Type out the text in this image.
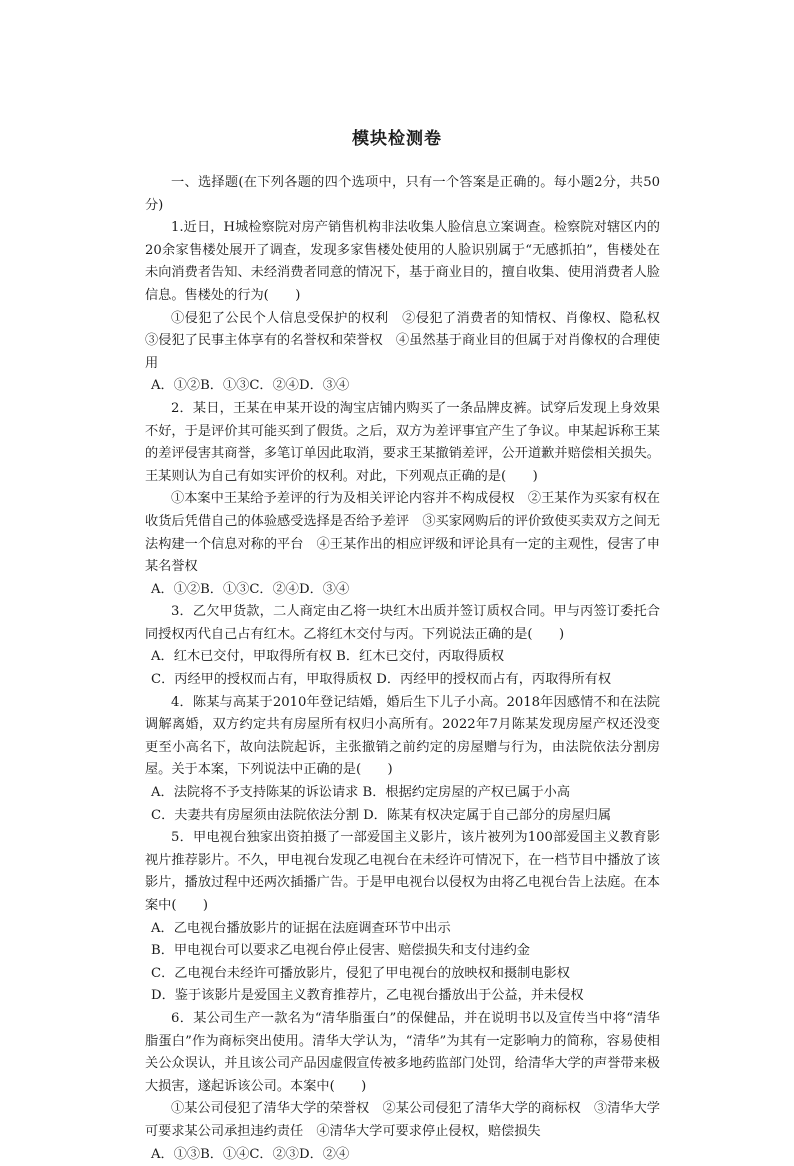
模块检测卷

一、选择题(在下列各题的四个选项中，只有一个答案是正确的。每小题2分，共50分)

1.近日，H城检察院对房产销售机构非法收集人脸信息立案调查。检察院对辖区内的20余家售楼处展开了调查，发现多家售楼处使用的人脸识别属于“无感抓拍”，售楼处在未向消费者告知、未经消费者同意的情况下，基于商业目的，擅自收集、使用消费者人脸信息。售楼处的行为(　　)

①侵犯了公民个人信息受保护的权利　②侵犯了消费者的知情权、肖像权、隐私权　③侵犯了民事主体享有的名誉权和荣誉权　④虽然基于商业目的但属于对肖像权的合理使用

A．①②B．①③C．②④D．③④

2．某日，王某在申某开设的淘宝店铺内购买了一条品牌皮裤。试穿后发现上身效果不好，于是评价其可能买到了假货。之后，双方为差评事宜产生了争议。申某起诉称王某的差评侵害其商誉，多笔订单因此取消，要求王某撤销差评，公开道歉并赔偿相关损失。王某则认为自己有如实评价的权利。对此，下列观点正确的是(　　)

①本案中王某给予差评的行为及相关评论内容并不构成侵权　②王某作为买家有权在收货后凭借自己的体验感受选择是否给予差评　③买家网购后的评价致使买卖双方之间无法构建一个信息对称的平台　④王某作出的相应评级和评论具有一定的主观性，侵害了申某名誉权

A．①②B．①③C．②④D．③④

3．乙欠甲货款，二人商定由乙将一块红木出质并签订质权合同。甲与丙签订委托合同授权丙代自己占有红木。乙将红木交付与丙。下列说法正确的是(　　)

A．红木已交付，甲取得所有权 B．红木已交付，丙取得质权

C．丙经甲的授权而占有，甲取得质权 D．丙经甲的授权而占有，丙取得所有权

4．陈某与高某于2010年登记结婚，婚后生下儿子小高。2018年因感情不和在法院调解离婚，双方约定共有房屋所有权归小高所有。2022年7月陈某发现房屋产权还没变更至小高名下，故向法院起诉，主张撤销之前约定的房屋赠与行为，由法院依法分割房屋。关于本案，下列说法中正确的是(　　)

A．法院将不予支持陈某的诉讼请求 B．根据约定房屋的产权已属于小高

C．夫妻共有房屋须由法院依法分割 D．陈某有权决定属于自己部分的房屋归属

5．甲电视台独家出资拍摄了一部爱国主义影片，该片被列为100部爱国主义教育影视片推荐影片。不久，甲电视台发现乙电视台在未经许可情况下，在一档节目中播放了该影片，播放过程中还两次插播广告。于是甲电视台以侵权为由将乙电视台告上法庭。在本案中(　　)

A．乙电视台播放影片的证据在法庭调查环节中出示

B．甲电视台可以要求乙电视台停止侵害、赔偿损失和支付违约金

C．乙电视台未经许可播放影片，侵犯了甲电视台的放映权和摄制电影权

D．鉴于该影片是爱国主义教育推荐片，乙电视台播放出于公益，并未侵权

6．某公司生产一款名为“清华脂蛋白”的保健品，并在说明书以及宣传当中将“清华脂蛋白”作为商标突出使用。清华大学认为，“清华”为其有一定影响力的简称，容易使相关公众误认，并且该公司产品因虚假宣传被多地药监部门处罚，给清华大学的声誉带来极大损害，遂起诉该公司。本案中(　　)

①某公司侵犯了清华大学的荣誉权　②某公司侵犯了清华大学的商标权　③清华大学可要求某公司承担违约责任　④清华大学可要求停止侵权，赔偿损失

A．①③B．①④C．②③D．②④
